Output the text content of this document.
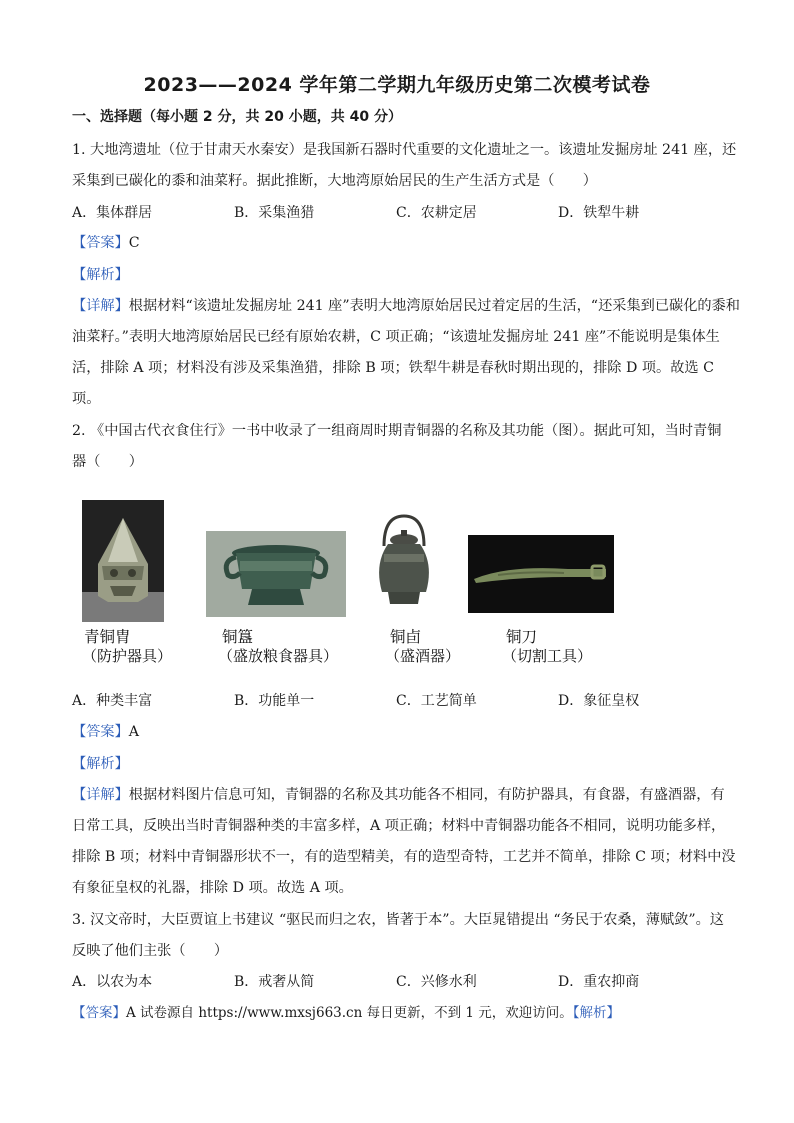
2023——2024 学年第二学期九年级历史第二次模考试卷
一、选择题（每小题 2 分，共 20 小题，共 40 分）
1. 大地湾遗址（位于甘肃天水秦安）是我国新石器时代重要的文化遗址之一。该遗址发掘房址 241 座，还
采集到已碳化的黍和油菜籽。据此推断，大地湾原始居民的生产生活方式是（　　）
A．集体群居	B．采集渔猎	C．农耕定居	D．铁犁牛耕
【答案】C
【解析】
【详解】根据材料“该遗址发掘房址 241 座”表明大地湾原始居民过着定居的生活，“还采集到已碳化的黍和
油菜籽。”表明大地湾原始居民已经有原始农耕，C 项正确；“该遗址发掘房址 241 座”不能说明是集体生
活，排除 A 项；材料没有涉及采集渔猎，排除 B 项；铁犁牛耕是春秋时期出现的，排除 D 项。故选 C
项。
2. 《中国古代衣食住行》一书中收录了一组商周时期青铜器的名称及其功能（图）。据此可知，当时青铜
器（　　）
青铜胄
（防护器具）
铜簋
（盛放粮食器具）
铜卣
（盛酒器）
铜刀
（切割工具）
A．种类丰富	B．功能单一	C．工艺简单	D．象征皇权
【答案】A
【解析】
【详解】根据材料图片信息可知，青铜器的名称及其功能各不相同，有防护器具，有食器，有盛酒器，有
日常工具，反映出当时青铜器种类的丰富多样，A 项正确；材料中青铜器功能各不相同，说明功能多样，
排除 B 项；材料中青铜器形状不一，有的造型精美，有的造型奇特，工艺并不简单，排除 C 项；材料中没
有象征皇权的礼器，排除 D 项。故选 A 项。
3. 汉文帝时，大臣贾谊上书建议 “驱民而归之农，皆著于本”。大臣晁错提出 “务民于农桑，薄赋敛”。这
反映了他们主张（　　）
A．以农为本	B．戒奢从简	C．兴修水利	D．重农抑商
【答案】A 试卷源自 https://www.mxsj663.cn 每日更新，不到 1 元，欢迎访问。【解析】
